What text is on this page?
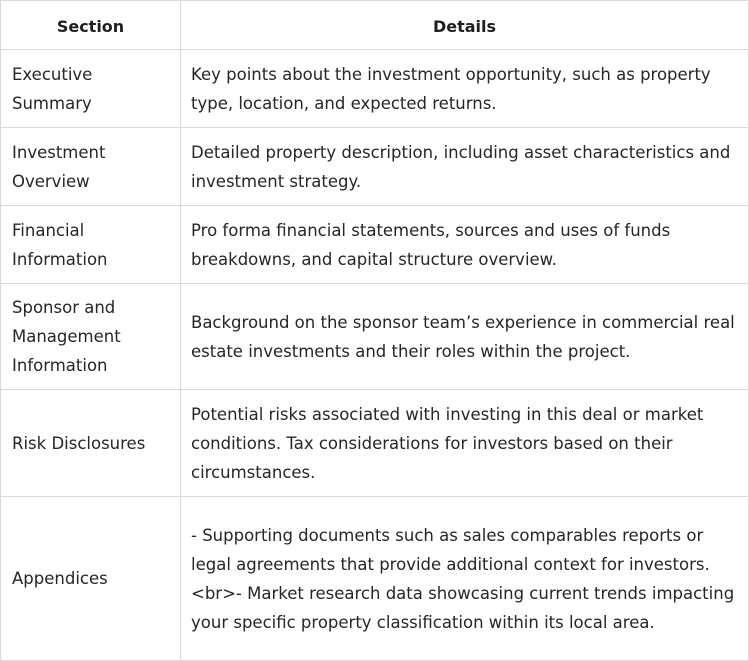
Section	Details
Executive Summary	Key points about the investment opportunity, such as property type, location, and expected returns.
Investment Overview	Detailed property description, including asset characteristics and investment strategy.
Financial Information	Pro forma financial statements, sources and uses of funds breakdowns, and capital structure overview.
Sponsor and Management Information	Background on the sponsor team’s experience in commercial real estate investments and their roles within the project.
Risk Disclosures	Potential risks associated with investing in this deal or market conditions. Tax considerations for investors based on their circumstances.
Appendices	- Supporting documents such as sales comparables reports or legal agreements that provide additional context for investors. <br>- Market research data showcasing current trends impacting your specific property classification within its local area.
